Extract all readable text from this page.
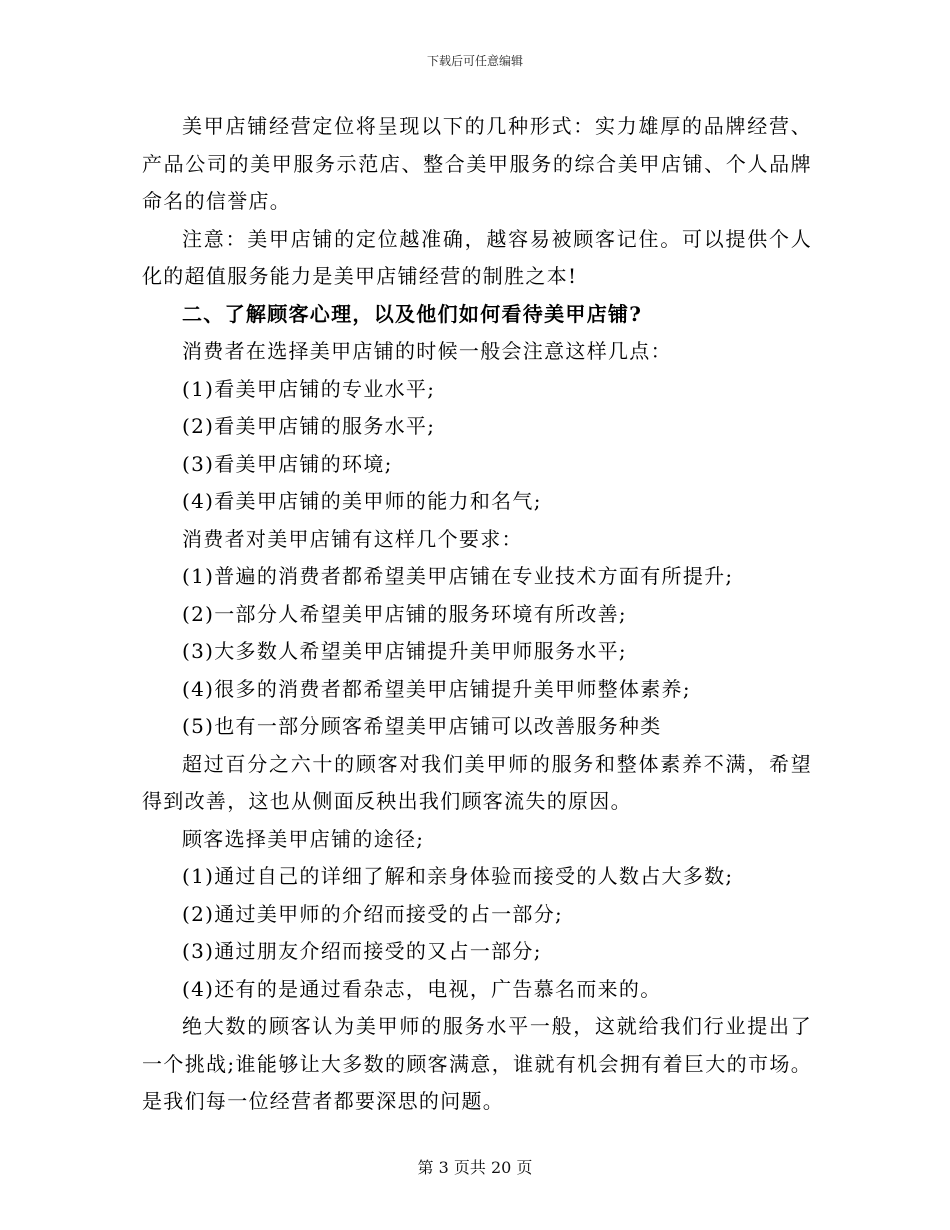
下载后可任意编辑

美甲店铺经营定位将呈现以下的几种形式：实力雄厚的品牌经营、产品公司的美甲服务示范店、整合美甲服务的综合美甲店铺、个人品牌命名的信誉店。

注意：美甲店铺的定位越准确，越容易被顾客记住。可以提供个人化的超值服务能力是美甲店铺经营的制胜之本!

二、了解顾客心理，以及他们如何看待美甲店铺?

消费者在选择美甲店铺的时候一般会注意这样几点：

(1)看美甲店铺的专业水平;

(2)看美甲店铺的服务水平;

(3)看美甲店铺的环境;

(4)看美甲店铺的美甲师的能力和名气;

消费者对美甲店铺有这样几个要求：

(1)普遍的消费者都希望美甲店铺在专业技术方面有所提升;

(2)一部分人希望美甲店铺的服务环境有所改善;

(3)大多数人希望美甲店铺提升美甲师服务水平;

(4)很多的消费者都希望美甲店铺提升美甲师整体素养;

(5)也有一部分顾客希望美甲店铺可以改善服务种类

超过百分之六十的顾客对我们美甲师的服务和整体素养不满，希望得到改善，这也从侧面反秧出我们顾客流失的原因。

顾客选择美甲店铺的途径;

(1)通过自己的详细了解和亲身体验而接受的人数占大多数;

(2)通过美甲师的介绍而接受的占一部分;

(3)通过朋友介绍而接受的又占一部分;

(4)还有的是通过看杂志，电视，广告慕名而来的。

绝大数的顾客认为美甲师的服务水平一般，这就给我们行业提出了一个挑战;谁能够让大多数的顾客满意，谁就有机会拥有着巨大的市场。是我们每一位经营者都要深思的问题。

第 3 页共 20 页
